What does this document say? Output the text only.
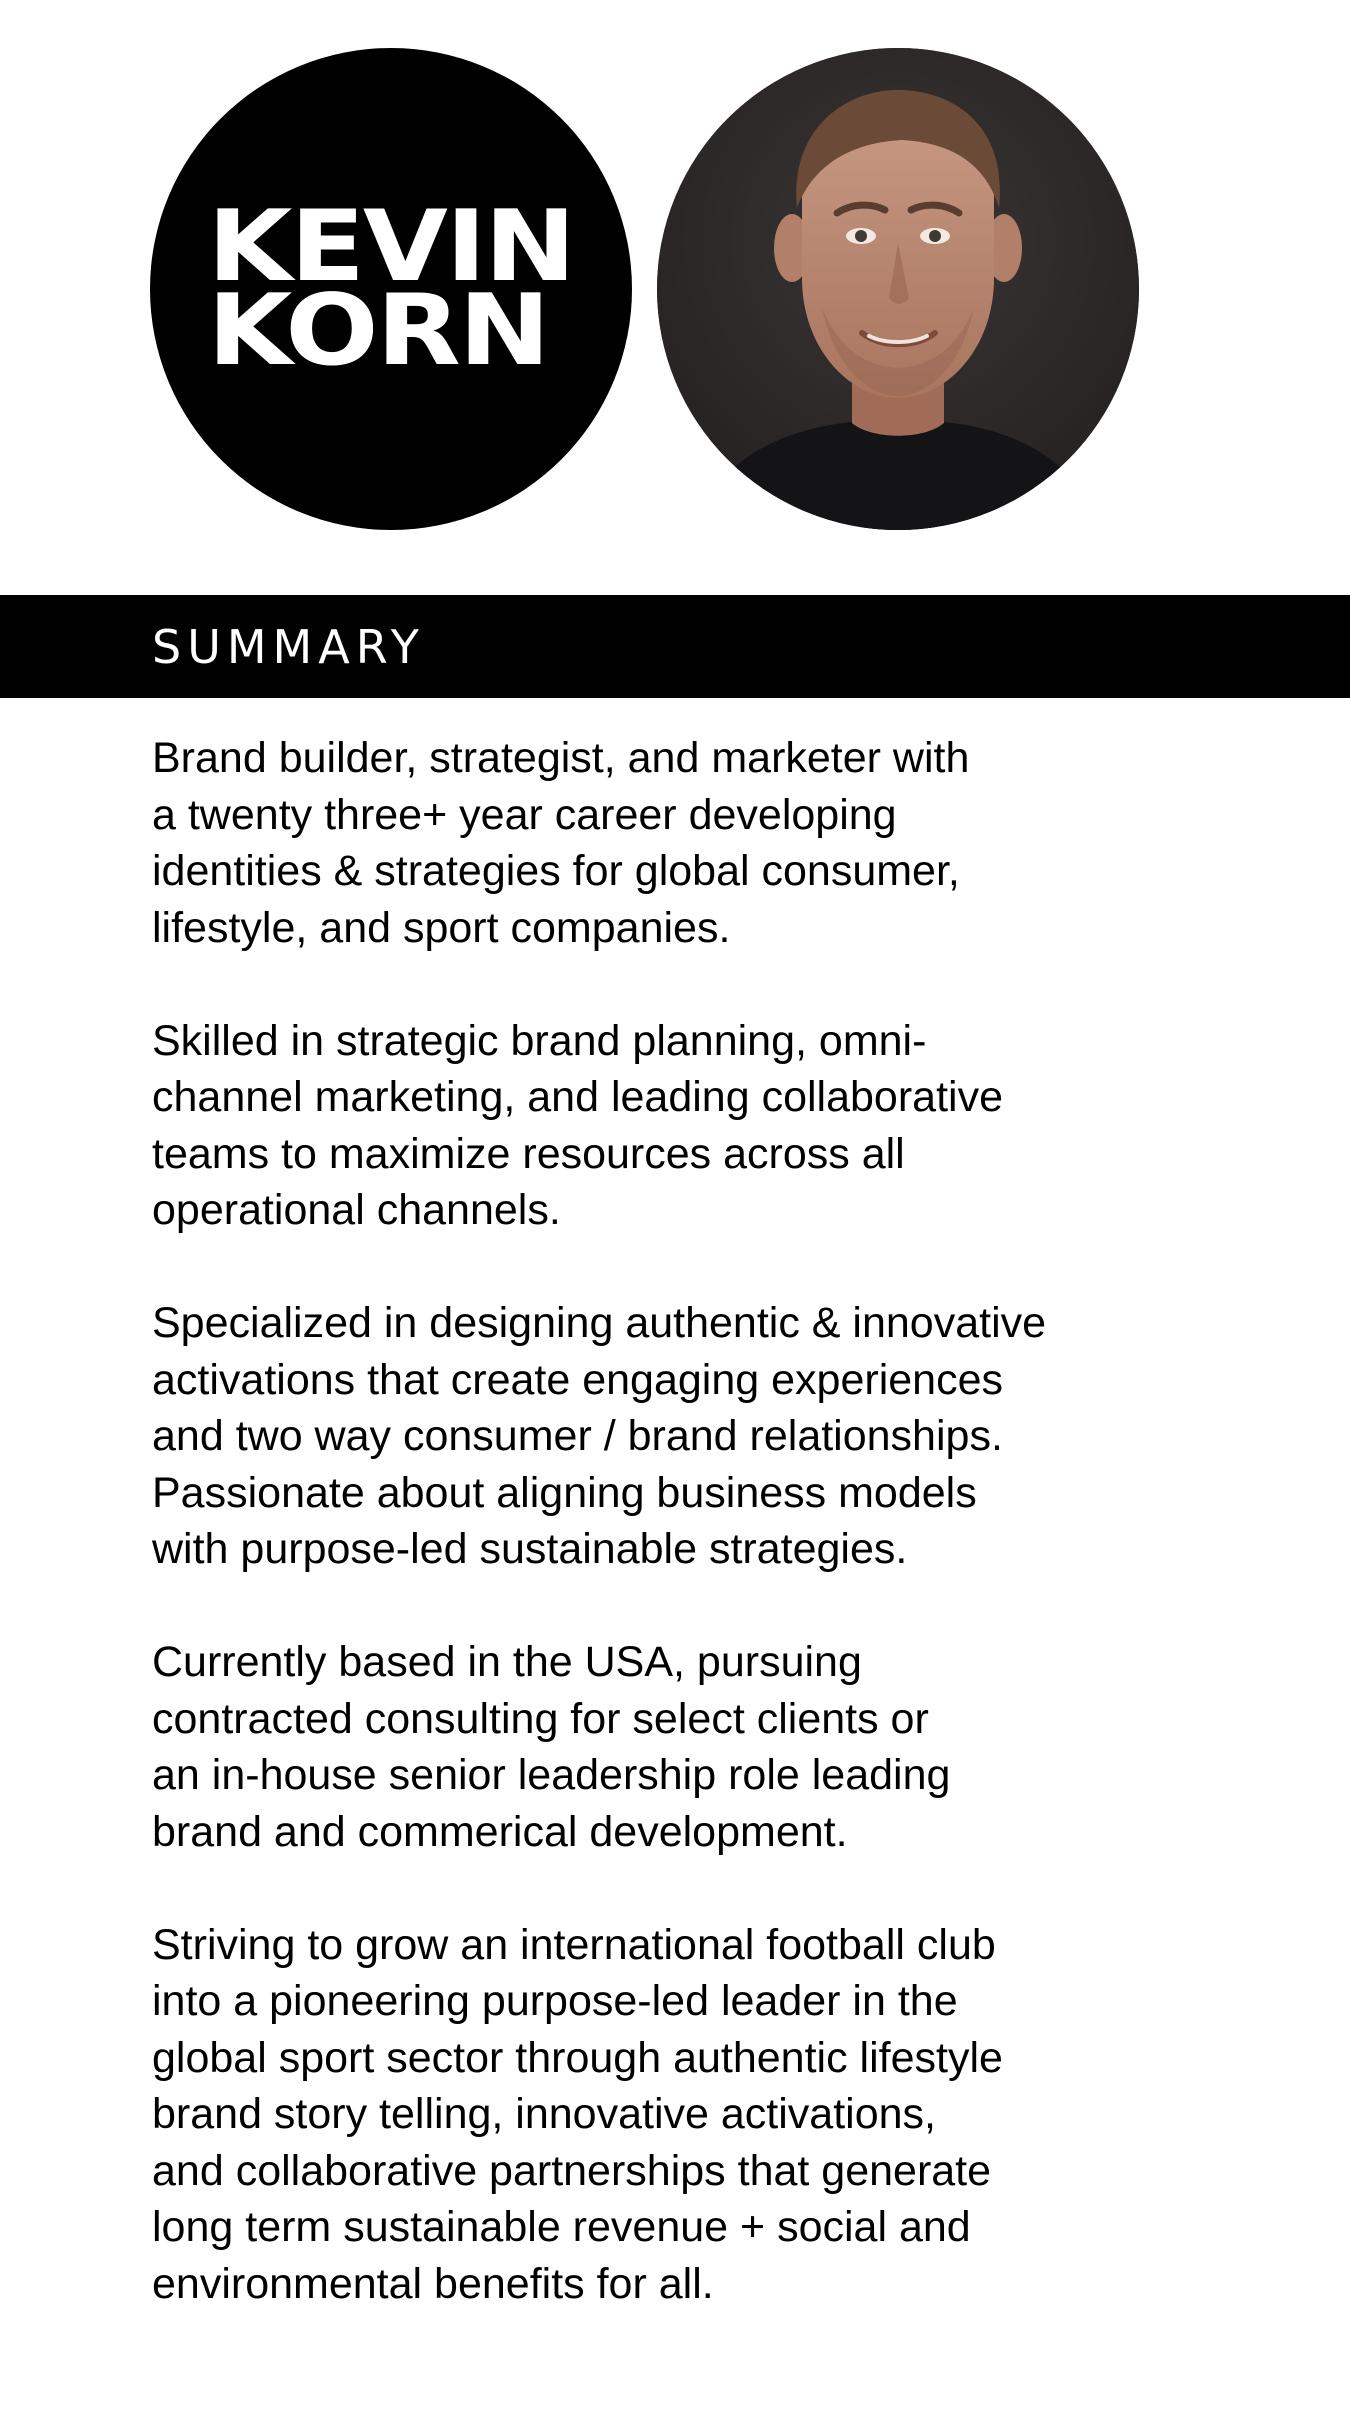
KEVIN
KORN
SUMMARY

Brand builder, strategist, and marketer with
a twenty three+ year career developing
identities & strategies for global consumer,
lifestyle, and sport companies.

Skilled in strategic brand planning, omni-
channel marketing, and leading collaborative
teams to maximize resources across all
operational channels.

Specialized in designing authentic & innovative
activations that create engaging experiences
and two way consumer / brand relationships.
Passionate about aligning business models
with purpose-led sustainable strategies.

Currently based in the USA, pursuing
contracted consulting for select clients or
an in-house senior leadership role leading
brand and commerical development.

Striving to grow an international football club
into a pioneering purpose-led leader in the
global sport sector through authentic lifestyle
brand story telling, innovative activations,
and collaborative partnerships that generate
long term sustainable revenue + social and
environmental benefits for all.
